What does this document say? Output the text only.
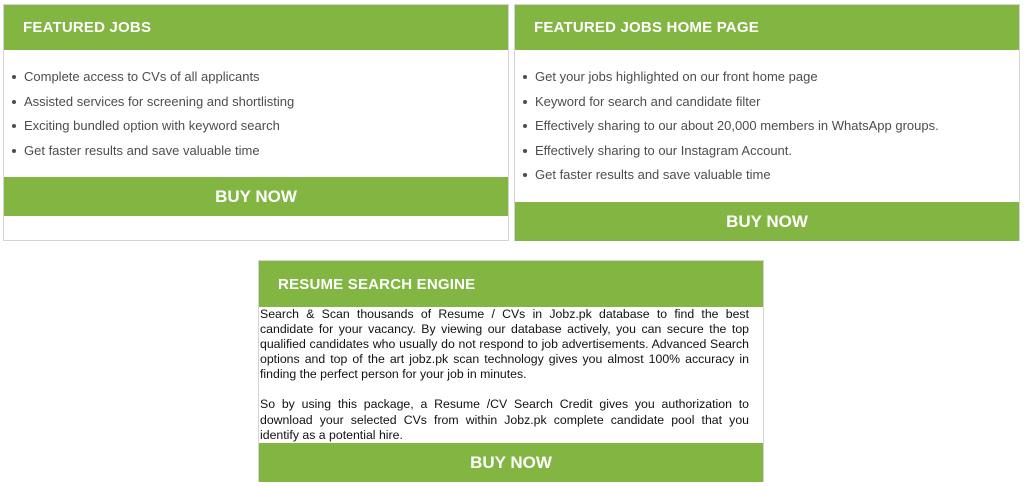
FEATURED JOBS
Complete access to CVs of all applicants
Assisted services for screening and shortlisting
Exciting bundled option with keyword search
Get faster results and save valuable time
BUY NOW
FEATURED JOBS HOME PAGE
Get your jobs highlighted on our front home page
Keyword for search and candidate filter
Effectively sharing to our about 20,000 members in WhatsApp groups.
Effectively sharing to our Instagram Account.
Get faster results and save valuable time
BUY NOW
RESUME SEARCH ENGINE

Search & Scan thousands of Resume / CVs in Jobz.pk database to find the best candidate for your vacancy. By viewing our database actively, you can secure the top qualified candidates who usually do not respond to job advertisements. Advanced Search options and top of the art jobz.pk scan technology gives you almost 100% accuracy in finding the perfect person for your job in minutes.

So by using this package, a Resume /CV Search Credit gives you authorization to download your selected CVs from within Jobz.pk complete candidate pool that you identify as a potential hire.

BUY NOW
